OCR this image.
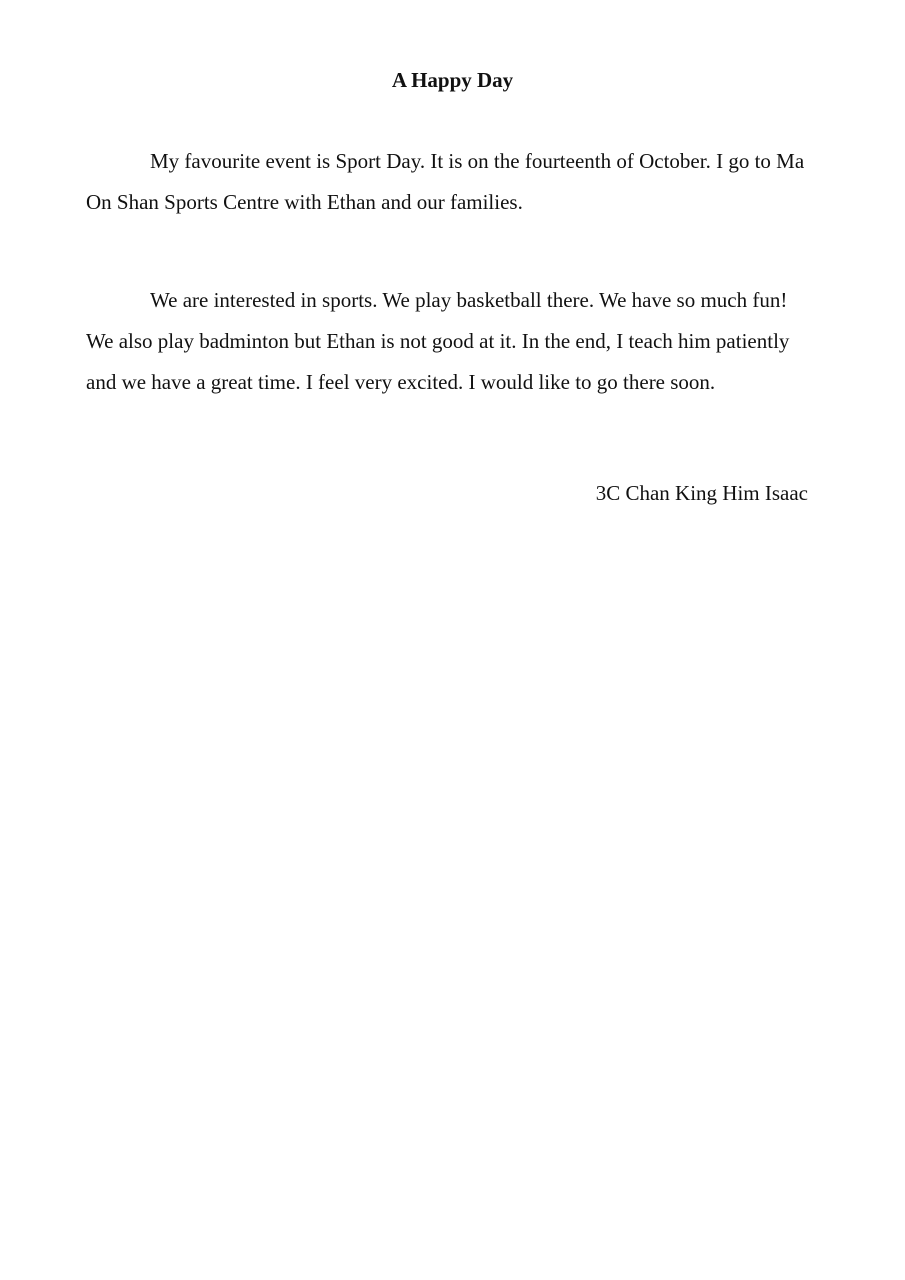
A Happy Day

My favourite event is Sport Day. It is on the fourteenth of October. I go to Ma On Shan Sports Centre with Ethan and our families.

We are interested in sports. We play basketball there. We have so much fun! We also play badminton but Ethan is not good at it. In the end, I teach him patiently and we have a great time. I feel very excited. I would like to go there soon.

3C Chan King Him Isaac
